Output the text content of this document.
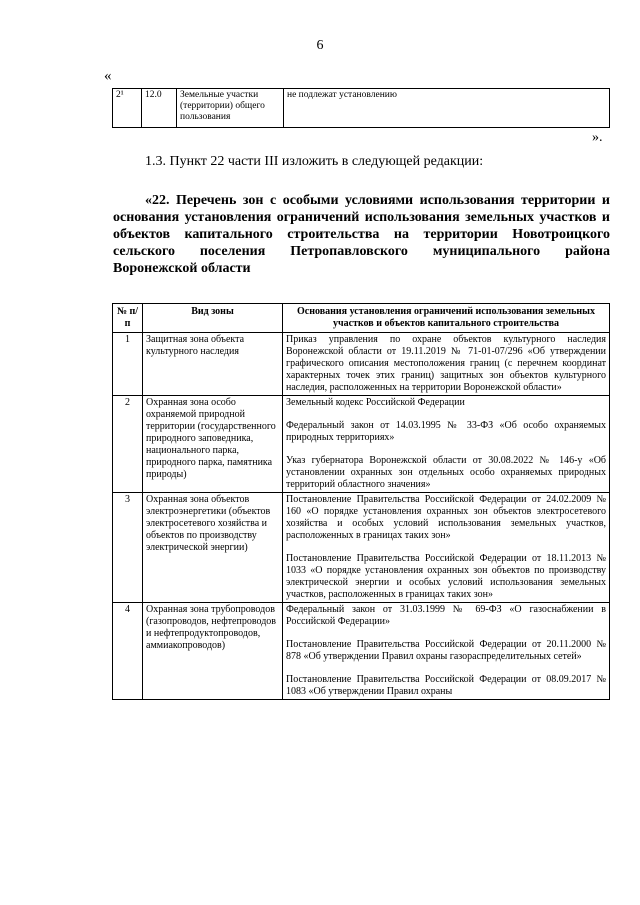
6
«
2¹	12.0	Земельные участки (территории) общего пользования	не подлежат установлению
».
1.3. Пункт 22 части III изложить в следующей редакции:
«22. Перечень зон с особыми условиями использования территории и основания установления ограничений использования земельных участков и объектов капитального строительства на территории Новотроицкого сельского поселения Петропавловского муниципального района Воронежской области
№ п/п	Вид зоны	Основания установления ограничений использования земельных участков и объектов капитального строительства
1	Защитная зона объекта культурного наследия	Приказ управления по охране объектов культурного наследия Воронежской области от 19.11.2019 № 71-01-07/296 «Об утверждении графического описания местоположения границ (с перечнем координат характерных точек этих границ) защитных зон объектов культурного наследия, расположенных на территории Воронежской области»

2	Охранная зона особо охраняемой природной территории (государственного природного заповедника, национального парка, природного парка, памятника природы)	Земельный кодекс Российской Федерации
Федеральный закон от 14.03.1995 № 33-ФЗ «Об особо охраняемых природных территориях»
Указ губернатора Воронежской области от 30.08.2022 № 146-у «Об установлении охранных зон отдельных особо охраняемых природных территорий областного значения»

3	Охранная зона объектов электроэнергетики (объектов электросетевого хозяйства и объектов по производству электрической энергии)	Постановление Правительства Российской Федерации от 24.02.2009 № 160 «О порядке установления охранных зон объектов электросетевого хозяйства и особых условий использования земельных участков, расположенных в границах таких зон»
Постановление Правительства Российской Федерации от 18.11.2013 № 1033 «О порядке установления охранных зон объектов по производству электрической энергии и особых условий использования земельных участков, расположенных в границах таких зон»

4	Охранная зона трубопроводов (газопроводов, нефтепроводов и нефтепродуктопроводов, аммиакопроводов)	Федеральный закон от 31.03.1999 № 69-ФЗ «О газоснабжении в Российской Федерации»
Постановление Правительства Российской Федерации от 20.11.2000 № 878 «Об утверждении Правил охраны газораспределительных сетей»
Постановление Правительства Российской Федерации от 08.09.2017 № 1083 «Об утверждении Правил охраны
